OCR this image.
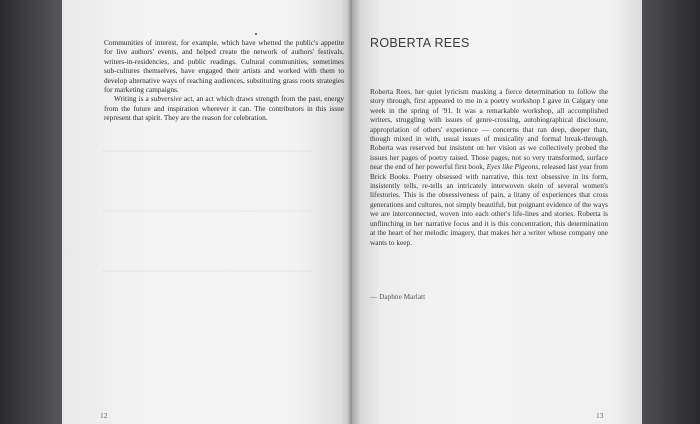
Communities of interest, for example, which have whetted the public's appetite for live authors' events, and helped create the network of authors' festivals, writers-in-residencies, and public readings. Cultural communities, sometimes sub-cultures themselves, have engaged their artists and worked with them to develop alternative ways of reaching audiences, substituting grass roots strategies for marketing campaigns.

Writing is a subversive act, an act which draws strength from the past, energy from the future and inspiration wherever it can. The contributors in this issue represent that spirit. They are the reason for celebration.

12
ROBERTA REES

Roberta Rees, her quiet lyricism masking a fierce determination to follow the story through, first appeared to me in a poetry workshop I gave in Calgary one week in the spring of '91. It was a remarkable workshop, all accomplished writers, struggling with issues of genre-crossing, autobiographical disclosure, appropriation of others' experience — concerns that ran deep, deeper than, though mixed in with, usual issues of musicality and formal break-through. Roberta was reserved but insistent on her vision as we collectively probed the issues her pages of poetry raised. Those pages, not so very transformed, surface near the end of her powerful first book, Eyes like Pigeons, released last year from Brick Books. Poetry obsessed with narrative, this text obsessive in its form, insistently tells, re-tells an intricately interwoven skein of several women's lifestories. This is the obsessiveness of pain, a litany of experiences that cross generations and cultures, not simply beautiful, but poignant evidence of the ways we are interconnected, woven into each other's life-lines and stories. Roberta is unflinching in her narrative focus and it is this concentration, this determination at the heart of her melodic imagery, that makes her a writer whose company one wants to keep.

— Daphne Marlatt
13
